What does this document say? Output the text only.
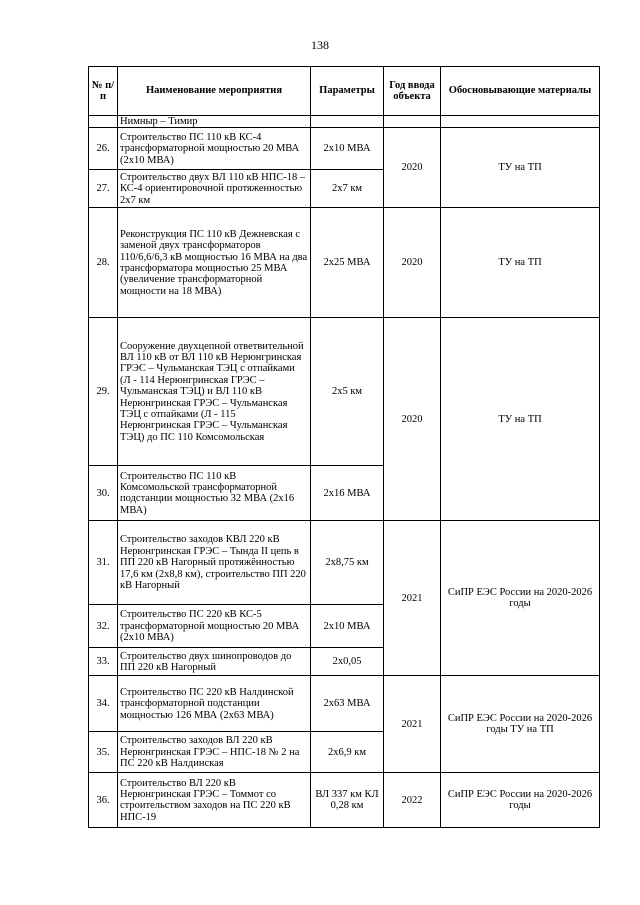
138
№ п/п	Наименование мероприятия	Параметры	Год ввода объекта	Обосновывающие материалы
	Нимныр – Тимир			
26.	Строительство ПС 110 кВ КС-4 трансформаторной мощностью 20 МВА (2х10 МВА)	2х10 МВА	2020	ТУ на ТП
27.	Строительство двух ВЛ 110 кВ НПС-18 – КС-4 ориентировочной протяженностью 2х7 км	2х7 км		
28.	Реконструкция ПС 110 кВ Дежневская с заменой двух трансформаторов 110/6,6/6,3 кВ мощностью 16 МВА на два трансформатора мощностью 25 МВА (увеличение трансформаторной мощности на 18 МВА)	2х25 МВА	2020	ТУ на ТП
29.	Сооружение двухцепной ответвительной ВЛ 110 кВ от ВЛ 110 кВ Нерюнгринская ГРЭС – Чульманская ТЭЦ с отпайками (Л - 114 Нерюнгринская ГРЭС – Чульманская ТЭЦ) и ВЛ 110 кВ Нерюнгринская ГРЭС – Чульманская ТЭЦ с отпайками (Л - 115 Нерюнгринская ГРЭС – Чульманская ТЭЦ) до ПС 110 Комсомольская	2х5 км	2020	ТУ на ТП
30.	Строительство ПС 110 кВ Комсомольской трансформаторной подстанции мощностью 32 МВА (2х16 МВА)	2х16 МВА		
31.	Строительство заходов КВЛ 220 кВ Нерюнгринская ГРЭС – Тында II цепь в ПП 220 кВ Нагорный протяжённостью 17,6 км (2х8,8 км), строительство ПП 220 кВ Нагорный	2х8,75 км	2021	СиПР ЕЭС России на 2020-2026 годы
32.	Строительство ПС 220 кВ КС-5 трансформаторной мощностью 20 МВА (2х10 МВА)	2х10 МВА		
33.	Строительство двух шинопроводов до ПП 220 кВ Нагорный	2х0,05		
34.	Строительство ПС 220 кВ Налдинской трансформаторной подстанции мощностью 126 МВА (2х63 МВА)	2х63 МВА	2021	СиПР ЕЭС России на 2020-2026 годы ТУ на ТП
35.	Строительство заходов ВЛ 220 кВ Нерюнгринская ГРЭС – НПС-18 № 2 на ПС 220 кВ Налдинская	2х6,9 км		
36.	Строительство ВЛ 220 кВ Нерюнгринская ГРЭС – Томмот со строительством заходов на ПС 220 кВ НПС-19	ВЛ 337 км КЛ 0,28 км	2022	СиПР ЕЭС России на 2020-2026 годы
